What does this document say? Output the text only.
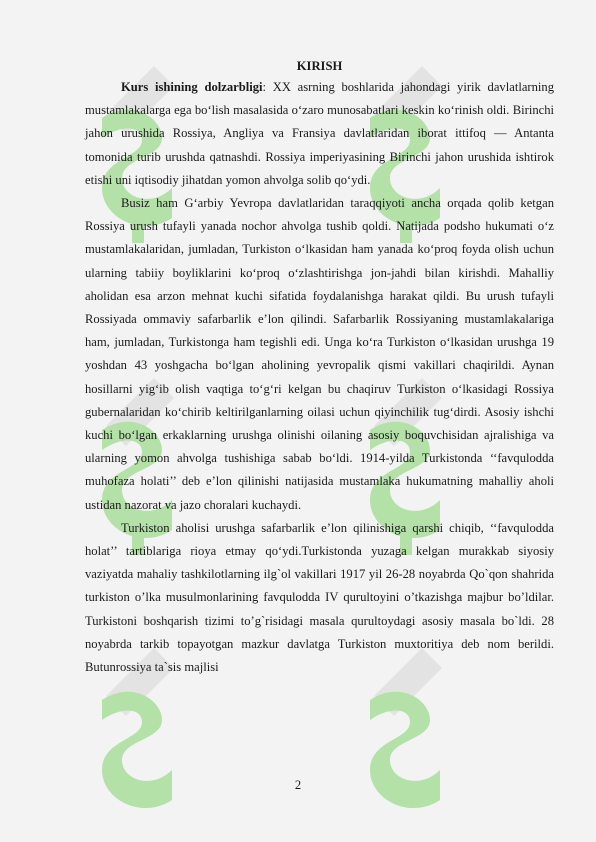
KIRISH

Kurs ishining dolzarbligi: XX asrning boshlarida jahondagi yirik davlatlarning mustamlakalarga ega bo‘lish masalasida o‘zaro munosabatlari keskin ko‘rinish oldi. Birinchi jahon urushida Rossiya, Angliya va Fransiya davlatlaridan iborat ittifoq — Antanta tomonida turib urushda qatnashdi. Rossiya imperiyasining Birinchi jahon urushida ishtirok etishi uni iqtisodiy jihatdan yomon ahvolga solib qo‘ydi.

Busiz ham G‘arbiy Yevropa davlatlaridan taraqqiyoti ancha orqada qolib ketgan Rossiya urush tufayli yanada nochor ahvolga tushib qoldi. Natijada podsho hukumati o‘z mustamlakalaridan, jumladan, Turkiston o‘lkasidan ham yanada ko‘proq foyda olish uchun ularning tabiiy boyliklarini ko‘proq o‘zlashtirishga jon-jahdi bilan kirishdi. Mahalliy aholidan esa arzon mehnat kuchi sifatida foydalanishga harakat qildi. Bu urush tufayli Rossiyada ommaviy safarbarlik e’lon qilindi. Safarbarlik Rossiyaning mustamlakalariga ham, jumladan, Turkistonga ham tegishli edi. Unga ko‘ra Turkiston o‘lkasidan urushga 19 yoshdan 43 yoshgacha bo‘lgan aholining yevropalik qismi vakillari chaqirildi. Aynan hosillarni yig‘ib olish vaqtiga to‘g‘ri kelgan bu chaqiruv Turkiston o‘lkasidagi Rossiya gubernalaridan ko‘chirib keltirilganlarning oilasi uchun qiyinchilik tug‘dirdi. Asosiy ishchi kuchi bo‘lgan erkaklarning urushga olinishi oilaning asosiy boquvchisidan ajralishiga va ularning yomon ahvolga tushishiga sabab bo‘ldi. 1914-yilda Turkistonda ‘‘favqulodda muhofaza holati’’ deb e’lon qilinishi natijasida mustamlaka hukumatning mahalliy aholi ustidan nazorat va jazo choralari kuchaydi.

Turkiston aholisi urushga safarbarlik e’lon qilinishiga qarshi chiqib, ‘‘favqulodda holat’’ tartiblariga rioya etmay qo‘ydi.Turkistonda yuzaga kelgan murakkab siyosiy vaziyatda mahaliy tashkilotlarning ilg`ol vakillari 1917 yil 26-28 noyabrda Qo`qon shahrida turkiston o’lka musulmonlarining favqulodda IV qurultoyini o’tkazishga majbur bo’ldilar. Turkistoni boshqarish tizimi to’g`risidagi masala qurultoydagi asosiy masala bo`ldi. 28 noyabrda tarkib topayotgan mazkur davlatga Turkiston muxtoritiya deb nom berildi. Butunrossiya ta`sis majlisi

2
